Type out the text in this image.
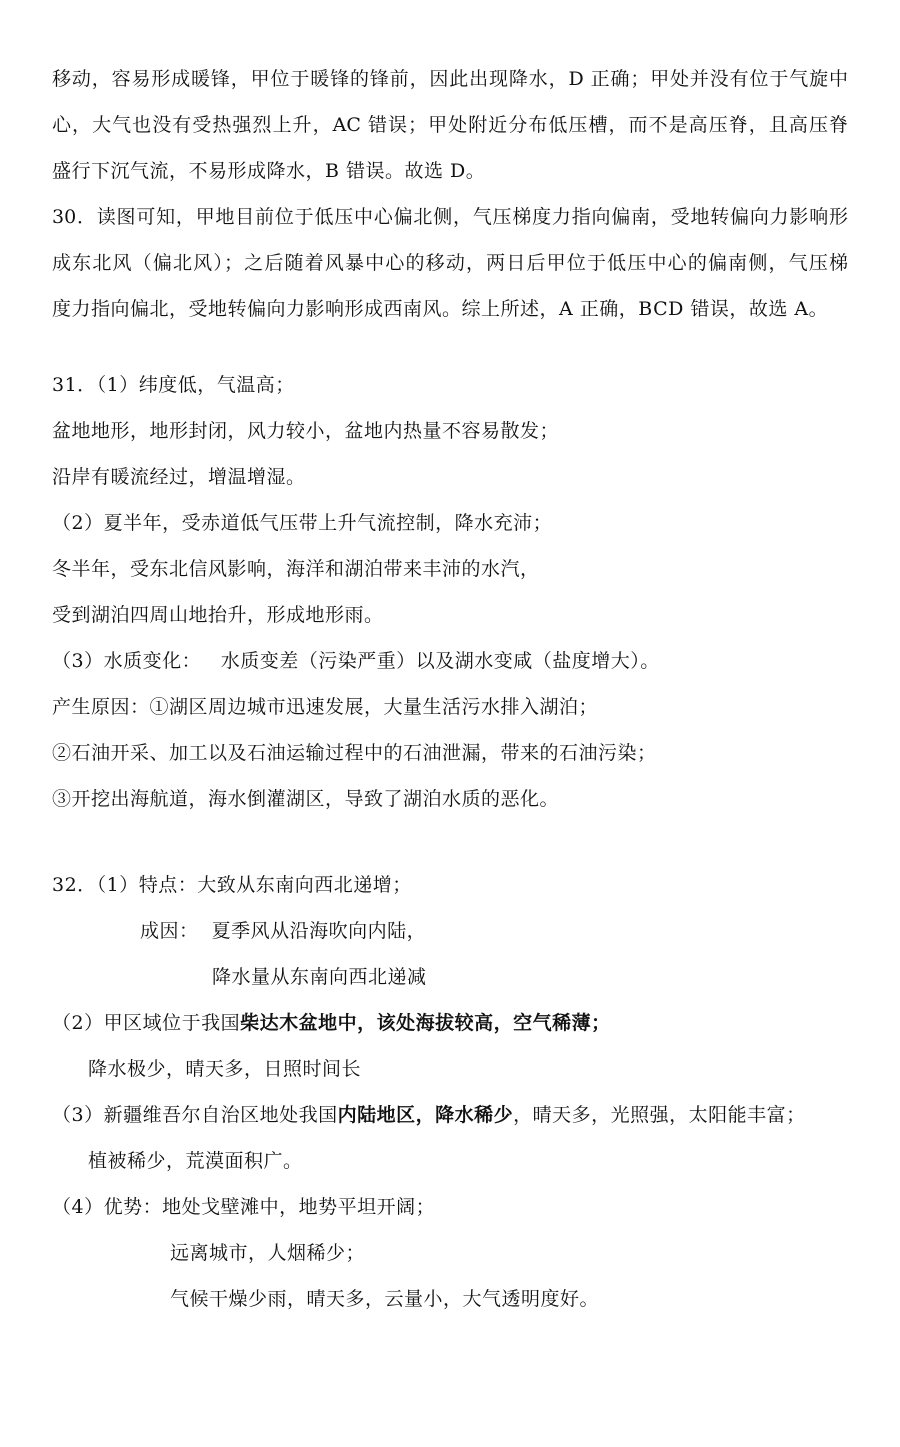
移动，容易形成暖锋，甲位于暖锋的锋前，因此出现降水，D 正确；甲处并没有位于气旋中
心，大气也没有受热强烈上升，AC 错误；甲处附近分布低压槽，而不是高压脊，且高压脊
盛行下沉气流，不易形成降水，B 错误。故选 D。
30．读图可知，甲地目前位于低压中心偏北侧，气压梯度力指向偏南，受地转偏向力影响形
成东北风（偏北风）；之后随着风暴中心的移动，两日后甲位于低压中心的偏南侧，气压梯
度力指向偏北，受地转偏向力影响形成西南风。综上所述，A 正确，BCD 错误，故选 A。
31．（1）纬度低，气温高；
盆地地形，地形封闭，风力较小，盆地内热量不容易散发；
沿岸有暖流经过，增温增湿。
（2）夏半年，受赤道低气压带上升气流控制，降水充沛；
冬半年，受东北信风影响，海洋和湖泊带来丰沛的水汽，
受到湖泊四周山地抬升，形成地形雨。
（3）水质变化：   水质变差（污染严重）以及湖水变咸（盐度增大）。
产生原因：①湖区周边城市迅速发展，大量生活污水排入湖泊；
②石油开采、加工以及石油运输过程中的石油泄漏，带来的石油污染；
③开挖出海航道，海水倒灌湖区，导致了湖泊水质的恶化。
32．（1）特点：大致从东南向西北递增；
成因：  夏季风从沿海吹向内陆，
降水量从东南向西北递减
（2）甲区域位于我国柴达木盆地中，该处海拔较高，空气稀薄；
降水极少，晴天多，日照时间长
（3）新疆维吾尔自治区地处我国内陆地区，降水稀少，晴天多，光照强，太阳能丰富；
植被稀少，荒漠面积广。
（4）优势：地处戈壁滩中，地势平坦开阔；
远离城市，人烟稀少；
气候干燥少雨，晴天多，云量小，大气透明度好。
